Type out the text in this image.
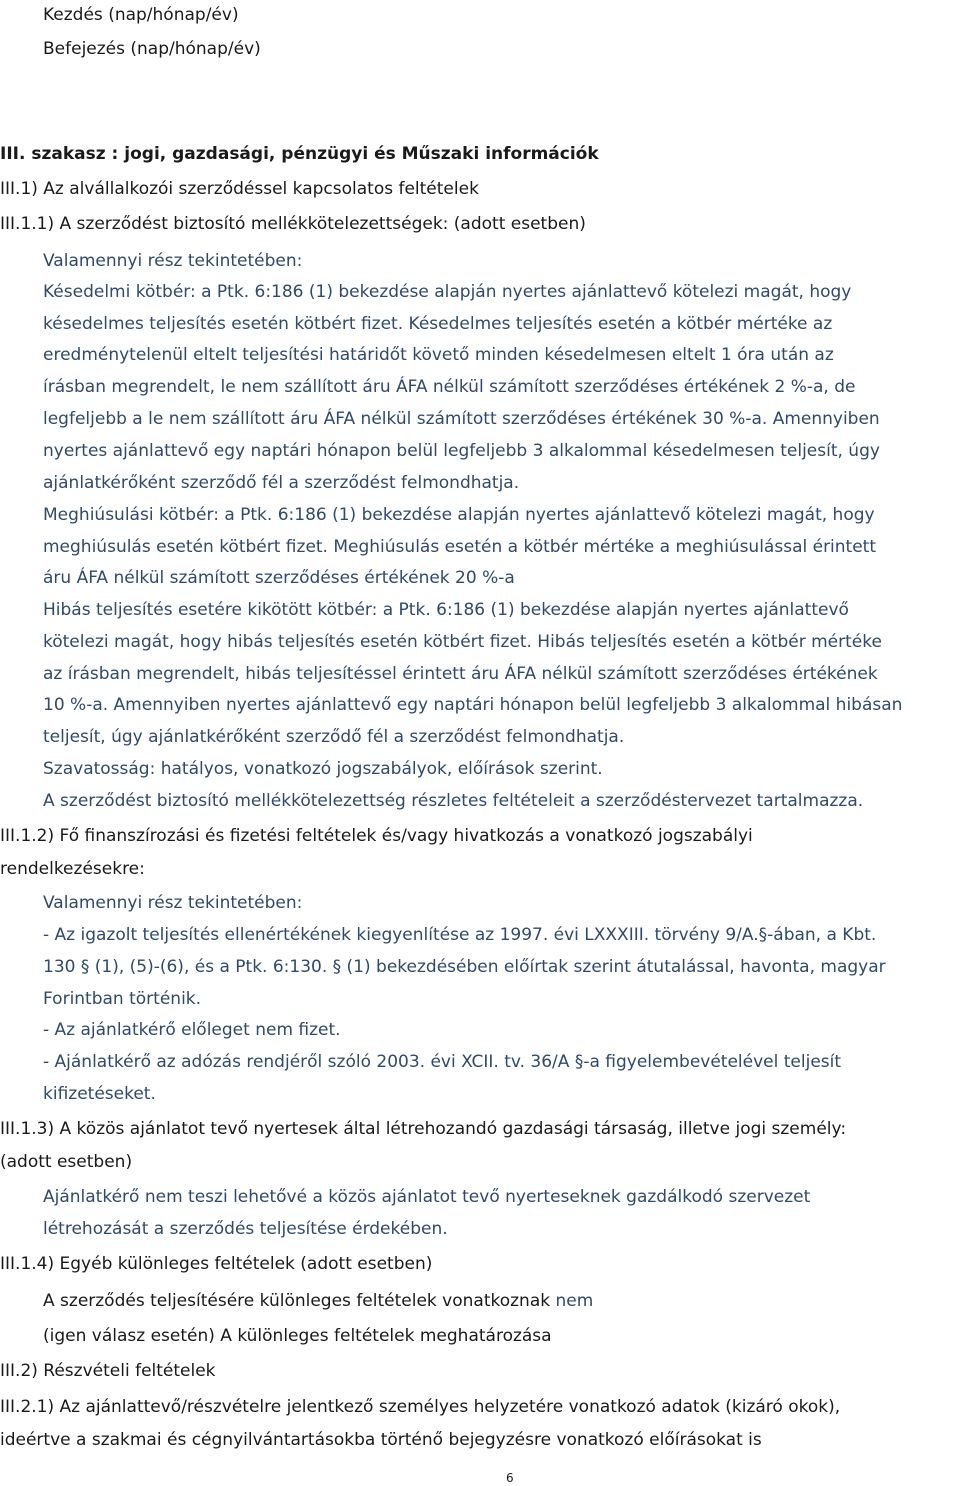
Kezdés (nap/hónap/év)
Befejezés (nap/hónap/év)
III. szakasz : jogi, gazdasági, pénzügyi és Műszaki információk
III.1) Az alvállalkozói szerződéssel kapcsolatos feltételek
III.1.1) A szerződést biztosító mellékkötelezettségek: (adott esetben)
Valamennyi rész tekintetében:
Késedelmi kötbér: a Ptk. 6:186 (1) bekezdése alapján nyertes ajánlattevő kötelezi magát, hogy
késedelmes teljesítés esetén kötbért fizet. Késedelmes teljesítés esetén a kötbér mértéke az
eredménytelenül eltelt teljesítési határidőt követő minden késedelmesen eltelt 1 óra után az
írásban megrendelt, le nem szállított áru ÁFA nélkül számított szerződéses értékének 2 %-a, de
legfeljebb a le nem szállított áru ÁFA nélkül számított szerződéses értékének 30 %-a. Amennyiben
nyertes ajánlattevő egy naptári hónapon belül legfeljebb 3 alkalommal késedelmesen teljesít, úgy
ajánlatkérőként szerződő fél a szerződést felmondhatja.
Meghiúsulási kötbér: a Ptk. 6:186 (1) bekezdése alapján nyertes ajánlattevő kötelezi magát, hogy
meghiúsulás esetén kötbért fizet. Meghiúsulás esetén a kötbér mértéke a meghiúsulással érintett
áru ÁFA nélkül számított szerződéses értékének 20 %-a
Hibás teljesítés esetére kikötött kötbér: a Ptk. 6:186 (1) bekezdése alapján nyertes ajánlattevő
kötelezi magát, hogy hibás teljesítés esetén kötbért fizet. Hibás teljesítés esetén a kötbér mértéke
az írásban megrendelt, hibás teljesítéssel érintett áru ÁFA nélkül számított szerződéses értékének
10 %-a. Amennyiben nyertes ajánlattevő egy naptári hónapon belül legfeljebb 3 alkalommal hibásan
teljesít, úgy ajánlatkérőként szerződő fél a szerződést felmondhatja.
Szavatosság: hatályos, vonatkozó jogszabályok, előírások szerint.
A szerződést biztosító mellékkötelezettség részletes feltételeit a szerződéstervezet tartalmazza.
III.1.2) Fő finanszírozási és fizetési feltételek és/vagy hivatkozás a vonatkozó jogszabályi
rendelkezésekre:
Valamennyi rész tekintetében:
- Az igazolt teljesítés ellenértékének kiegyenlítése az 1997. évi LXXXIII. törvény 9/A.§-ában, a Kbt.
130 § (1), (5)-(6), és a Ptk. 6:130. § (1) bekezdésében előírtak szerint átutalással, havonta, magyar
Forintban történik.
- Az ajánlatkérő előleget nem fizet.
- Ajánlatkérő az adózás rendjéről szóló 2003. évi XCII. tv. 36/A §-a figyelembevételével teljesít
kifizetéseket.
III.1.3) A közös ajánlatot tevő nyertesek által létrehozandó gazdasági társaság, illetve jogi személy:
(adott esetben)
Ajánlatkérő nem teszi lehetővé a közös ajánlatot tevő nyerteseknek gazdálkodó szervezet
létrehozását a szerződés teljesítése érdekében.
III.1.4) Egyéb különleges feltételek (adott esetben)
A szerződés teljesítésére különleges feltételek vonatkoznak nem
(igen válasz esetén) A különleges feltételek meghatározása
III.2) Részvételi feltételek
III.2.1) Az ajánlattevő/részvételre jelentkező személyes helyzetére vonatkozó adatok (kizáró okok),
ideértve a szakmai és cégnyilvántartásokba történő bejegyzésre vonatkozó előírásokat is
6
